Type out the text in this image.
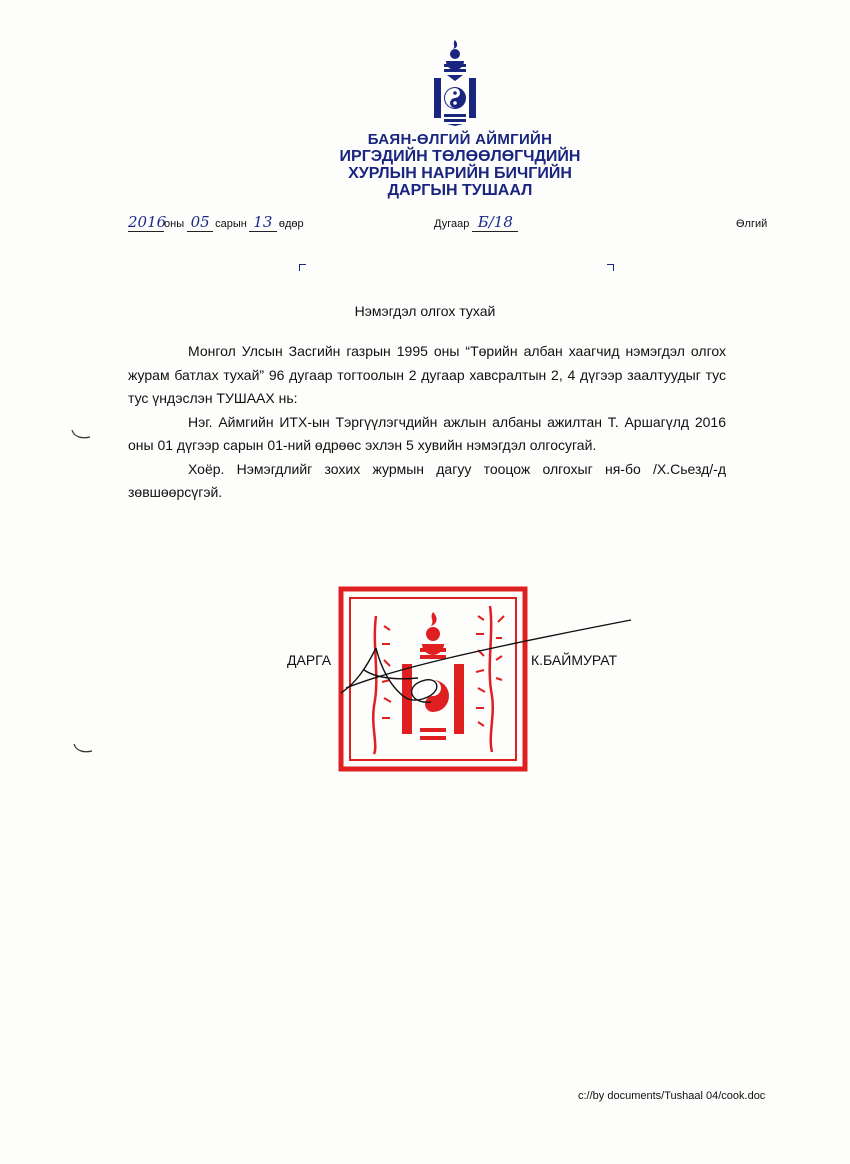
БАЯН-ӨЛГИЙ АЙМГИЙН
ИРГЭДИЙН ТӨЛӨӨЛӨГЧДИЙН
ХУРЛЫН НАРИЙН БИЧГИЙН
ДАРГЫН ТУШААЛ
2016оны 05 сарын 13 өдөр	Дугаар Б/18	Өлгий
Нэмэгдэл олгох тухай

Монгол Улсын Засгийн газрын 1995 оны “Төрийн албан хаагчид нэмэгдэл олгох журам батлах тухай” 96 дугаар тогтоолын 2 дугаар хавсралтын 2, 4 дүгээр заалтуудыг тус тус үндэслэн ТУШААХ нь:

Нэг. Аймгийн ИТХ-ын Тэргүүлэгчдийн ажлын албаны ажилтан Т. Аршагүлд 2016 оны 01 дүгээр сарын 01-ний өдрөөс эхлэн 5 хувийн нэмэгдэл олгосугай.

Хоёр. Нэмэгдлийг зохих журмын дагуу тооцож олгохыг ня-бо /Х.Сьезд/-д зөвшөөрсүгэй.

ДАРГА	К.БАЙМУРАТ
c://by documents/Tushaal 04/cook.doc
